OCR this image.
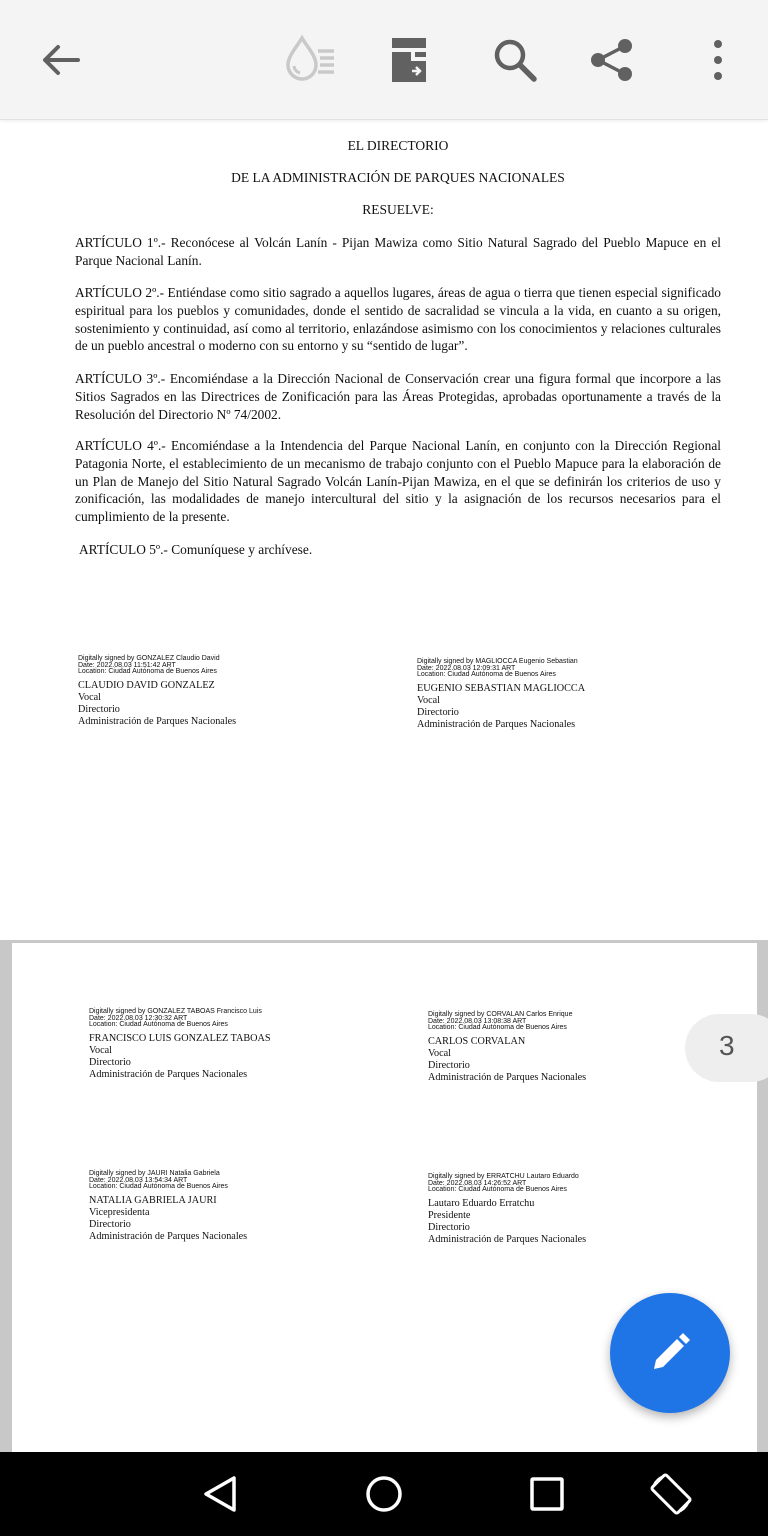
EL DIRECTORIO
DE LA ADMINISTRACIÓN DE PARQUES NACIONALES
RESUELVE:
ARTÍCULO 1º.- Reconócese al Volcán Lanín - Pijan Mawiza como Sitio Natural Sagrado del Pueblo Mapuce en el Parque Nacional Lanín.
ARTÍCULO 2º.- Entiéndase como sitio sagrado a aquellos lugares, áreas de agua o tierra que tienen especial significado espiritual para los pueblos y comunidades, donde el sentido de sacralidad se vincula a la vida, en cuanto a su origen, sostenimiento y continuidad, así como al territorio, enlazándose asimismo con los conocimientos y relaciones culturales de un pueblo ancestral o moderno con su entorno y su “sentido de lugar”.
ARTÍCULO 3º.- Encomiéndase a la Dirección Nacional de Conservación crear una figura formal que incorpore a las Sitios Sagrados en las Directrices de Zonificación para las Áreas Protegidas, aprobadas oportunamente a través de la Resolución del Directorio Nº 74/2002.
ARTÍCULO 4º.- Encomiéndase a la Intendencia del Parque Nacional Lanín, en conjunto con la Dirección Regional Patagonia Norte, el establecimiento de un mecanismo de trabajo conjunto con el Pueblo Mapuce para la elaboración de un Plan de Manejo del Sitio Natural Sagrado Volcán Lanín-Pijan Mawiza, en el que se definirán los criterios de uso y zonificación, las modalidades de manejo intercultural del sitio y la asignación de los recursos necesarios para el cumplimiento de la presente.
ARTÍCULO 5º.- Comuníquese y archívese.
Digitally signed by GONZALEZ Claudio David
Date: 2022.08.03 11:51:42 ART
Location: Ciudad Autónoma de Buenos Aires
CLAUDIO DAVID GONZALEZ
Vocal
Directorio
Administración de Parques Nacionales
Digitally signed by MAGLIOCCA Eugenio Sebastian
Date: 2022.08.03 12:09:31 ART
Location: Ciudad Autónoma de Buenos Aires
EUGENIO SEBASTIAN MAGLIOCCA
Vocal
Directorio
Administración de Parques Nacionales
Digitally signed by GONZALEZ TABOAS Francisco Luis
Date: 2022.08.03 12:30:32 ART
Location: Ciudad Autónoma de Buenos Aires
FRANCISCO LUIS GONZALEZ TABOAS
Vocal
Directorio
Administración de Parques Nacionales
Digitally signed by CORVALAN Carlos Enrique
Date: 2022.08.03 13:08:38 ART
Location: Ciudad Autónoma de Buenos Aires
CARLOS CORVALAN
Vocal
Directorio
Administración de Parques Nacionales
Digitally signed by JAURI Natalia Gabriela
Date: 2022.08.03 13:54:34 ART
Location: Ciudad Autónoma de Buenos Aires
NATALIA GABRIELA JAURI
Vicepresidenta
Directorio
Administración de Parques Nacionales
Digitally signed by ERRATCHU Lautaro Eduardo
Date: 2022.08.03 14:26:52 ART
Location: Ciudad Autónoma de Buenos Aires
Lautaro Eduardo Erratchu
Presidente
Directorio
Administración de Parques Nacionales
3
